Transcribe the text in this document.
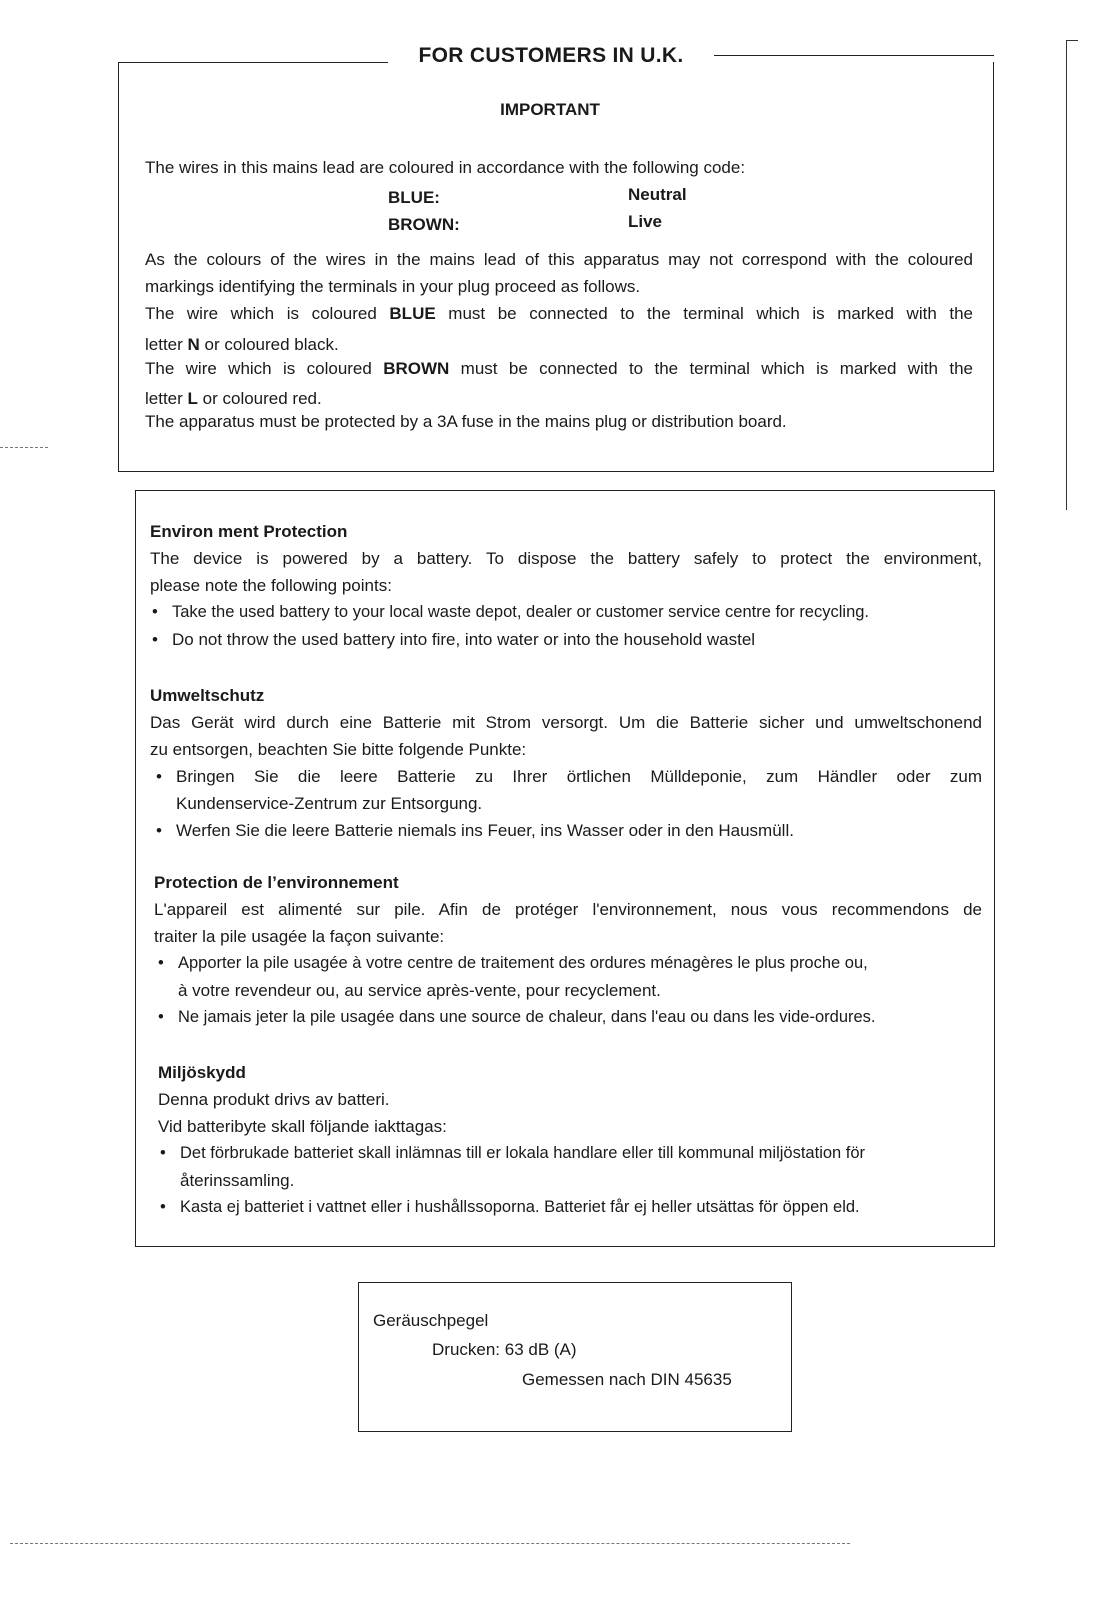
FOR CUSTOMERS IN U.K.
IMPORTANT
The wires in this mains lead are coloured in accordance with the following code:
BLUE:	Neutral
BROWN:	Live
As the colours of the wires in the mains lead of this apparatus may not correspond with the coloured
markings identifying the terminals in your plug proceed as follows.
The wire which is coloured BLUE must be connected to the terminal which is marked with the
letter N or coloured black.
The wire which is coloured BROWN must be connected to the terminal which is marked with the
letter L or coloured red.
The apparatus must be protected by a 3A fuse in the mains plug or distribution board.
Environ ment Protection
The device is powered by a battery. To dispose the battery safely to protect the environment,
please note the following points:
• Take the used battery to your local waste depot, dealer or customer service centre for recycling.
• Do not throw the used battery into fire, into water or into the household wastel
Umweltschutz
Das Gerät wird durch eine Batterie mit Strom versorgt. Um die Batterie sicher und umweltschonend
zu entsorgen, beachten Sie bitte folgende Punkte:
• Bringen Sie die leere Batterie zu Ihrer örtlichen Mülldeponie, zum Händler oder zum
Kundenservice-Zentrum zur Entsorgung.
• Werfen Sie die leere Batterie niemals ins Feuer, ins Wasser oder in den Hausmüll.
Protection de l’environnement
L'appareil est alimenté sur pile. Afin de protéger l'environnement, nous vous recommendons de
traiter la pile usagée la façon suivante:
• Apporter la pile usagée à votre centre de traitement des ordures ménagères le plus proche ou,
à votre revendeur ou, au service après-vente, pour recyclement.
• Ne jamais jeter la pile usagée dans une source de chaleur, dans l'eau ou dans les vide-ordures.
Miljöskydd
Denna produkt drivs av batteri.
Vid batteribyte skall följande iakttagas:
• Det förbrukade batteriet skall inlämnas till er lokala handlare eller till kommunal miljöstation för
återinssamling.
• Kasta ej batteriet i vattnet eller i hushållssoporna. Batteriet får ej heller utsättas för öppen eld.
Geräuschpegel
Drucken: 63 dB (A)
Gemessen nach DIN 45635
